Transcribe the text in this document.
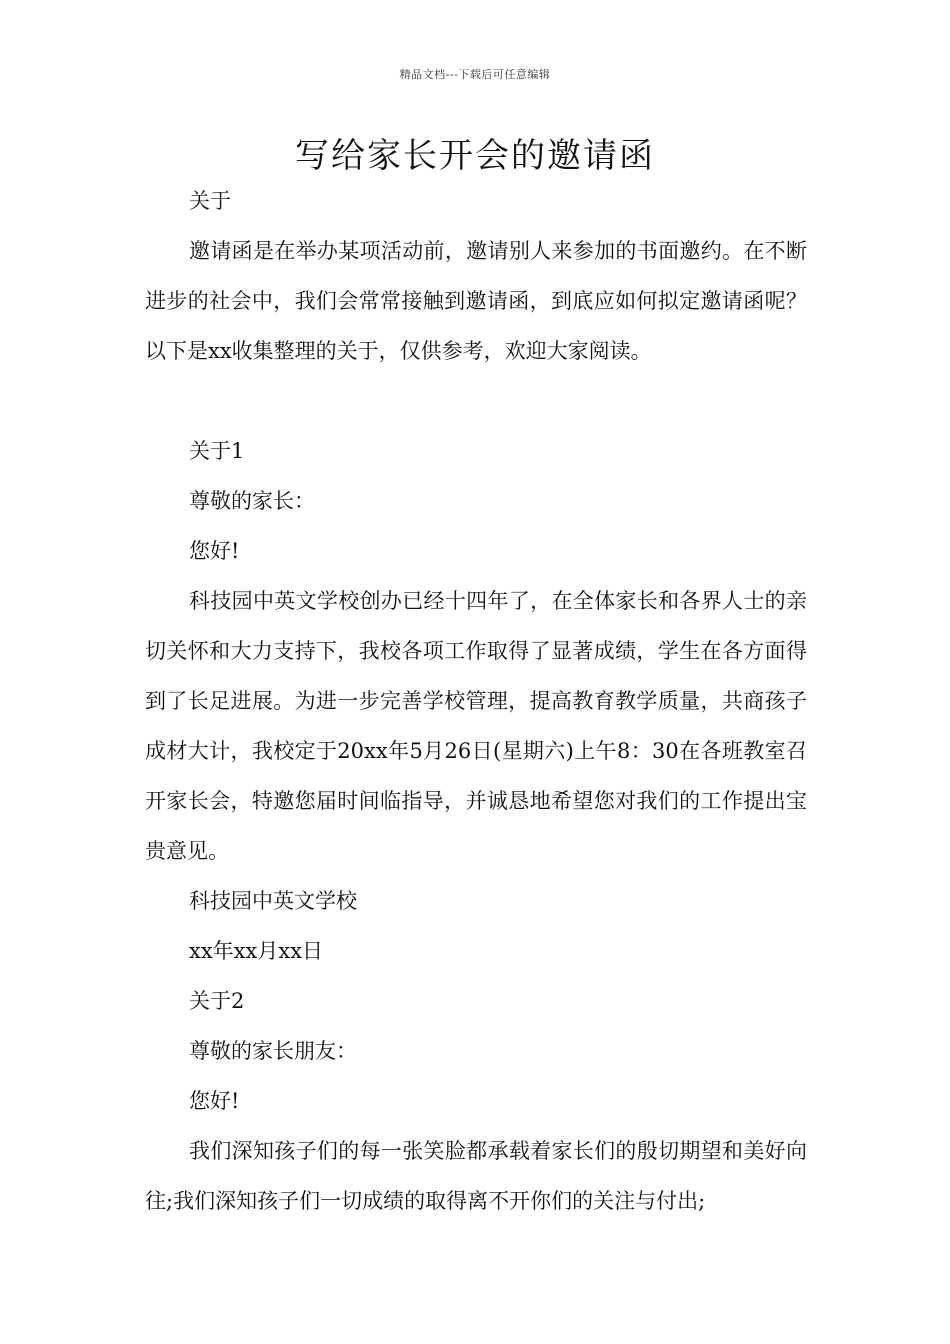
精品文档---下载后可任意编辑
写给家长开会的邀请函

关于

邀请函是在举办某项活动前，邀请别人来参加的书面邀约。在不断进步的社会中，我们会常常接触到邀请函，到底应如何拟定邀请函呢？以下是xx收集整理的关于，仅供参考，欢迎大家阅读。

关于1

尊敬的家长：

您好!

科技园中英文学校创办已经十四年了，在全体家长和各界人士的亲切关怀和大力支持下，我校各项工作取得了显著成绩，学生在各方面得到了长足进展。为进一步完善学校管理，提高教育教学质量，共商孩子成材大计，我校定于20xx年5月26日(星期六)上午8：30在各班教室召开家长会，特邀您届时间临指导，并诚恳地希望您对我们的工作提出宝贵意见。

科技园中英文学校

xx年xx月xx日

关于2

尊敬的家长朋友：

您好!

我们深知孩子们的每一张笑脸都承载着家长们的殷切期望和美好向往;我们深知孩子们一切成绩的取得离不开你们的关注与付出;
